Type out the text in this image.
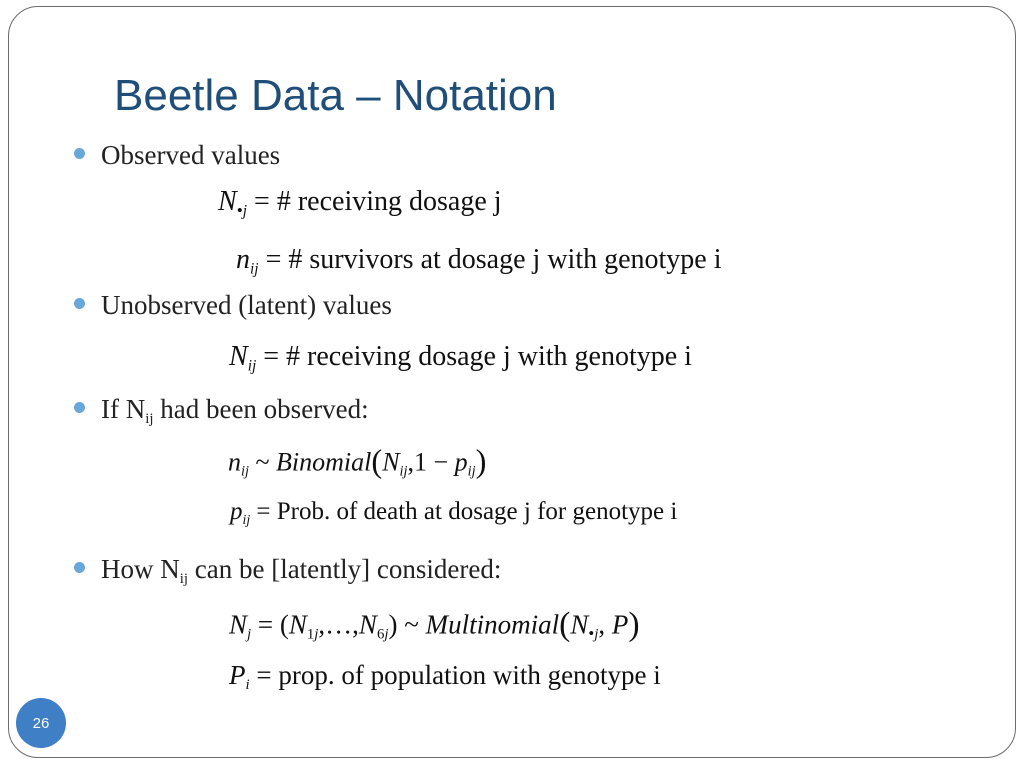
Beetle Data – Notation
Observed values
$N_{•j}$ = # receiving dosage j
$n_{ij}$ = # survivors at dosage j with genotype i
Unobserved (latent) values
$N_{ij}$ = # receiving dosage j with genotype i
If $N_{ij}$ had been observed:
$n_{ij}$ ~ $Binomial(N_{ij},1 - p_{ij})$
$p_{ij}$ = Prob. of death at dosage j for genotype i
How $N_{ij}$ can be [latently] considered:
$N_j$ = $(N_{1j},\dots,N_{6j})$ ~ $Multinomial(N_{•j}$, P)
$P_i$ = prop. of population with genotype i
26
